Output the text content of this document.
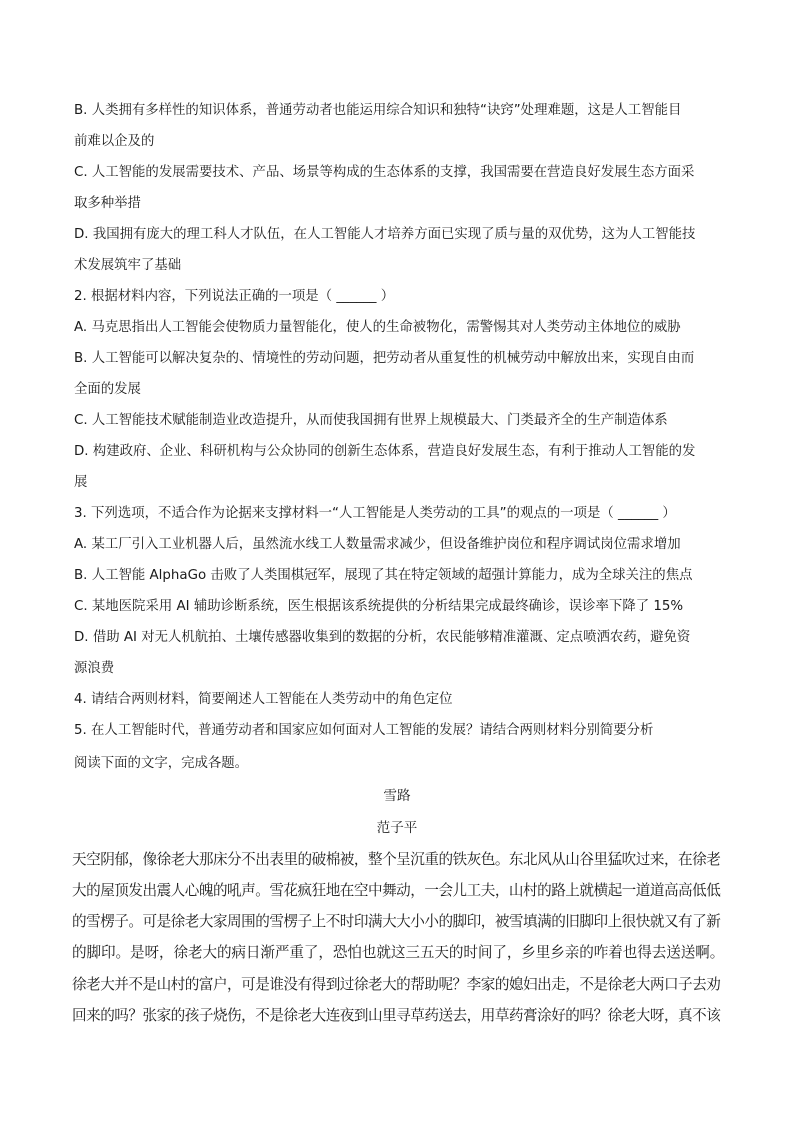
B. 人类拥有多样性的知识体系，普通劳动者也能运用综合知识和独特“诀窍”处理难题，这是人工智能目
前难以企及的
C. 人工智能的发展需要技术、产品、场景等构成的生态体系的支撑，我国需要在营造良好发展生态方面采
取多种举措
D. 我国拥有庞大的理工科人才队伍，在人工智能人才培养方面已实现了质与量的双优势，这为人工智能技
术发展筑牢了基础
2. 根据材料内容，下列说法正确的一项是（ ______ ）
A. 马克思指出人工智能会使物质力量智能化，使人的生命被物化，需警惕其对人类劳动主体地位的威胁
B. 人工智能可以解决复杂的、情境性的劳动问题，把劳动者从重复性的机械劳动中解放出来，实现自由而
全面的发展
C. 人工智能技术赋能制造业改造提升，从而使我国拥有世界上规模最大、门类最齐全的生产制造体系
D. 构建政府、企业、科研机构与公众协同的创新生态体系，营造良好发展生态，有利于推动人工智能的发
展
3. 下列选项，不适合作为论据来支撑材料一“人工智能是人类劳动的工具”的观点的一项是（ ______ ）
A. 某工厂引入工业机器人后，虽然流水线工人数量需求减少，但设备维护岗位和程序调试岗位需求增加
B. 人工智能 AlphaGo 击败了人类围棋冠军，展现了其在特定领域的超强计算能力，成为全球关注的焦点
C. 某地医院采用 AI 辅助诊断系统，医生根据该系统提供的分析结果完成最终确诊，误诊率下降了 15%
D. 借助 AI 对无人机航拍、土壤传感器收集到的数据的分析，农民能够精准灌溉、定点喷洒农药，避免资
源浪费
4. 请结合两则材料，简要阐述人工智能在人类劳动中的角色定位
5. 在人工智能时代，普通劳动者和国家应如何面对人工智能的发展？请结合两则材料分别简要分析
阅读下面的文字，完成各题。
雪路
范子平
天空阴郁，像徐老大那床分不出表里的破棉被，整个呈沉重的铁灰色。东北风从山谷里猛吹过来，在徐老
大的屋顶发出震人心魄的吼声。雪花疯狂地在空中舞动，一会儿工夫，山村的路上就横起一道道高高低低
的雪楞子。可是徐老大家周围的雪楞子上不时印满大大小小的脚印，被雪填满的旧脚印上很快就又有了新
的脚印。是呀，徐老大的病日渐严重了，恐怕也就这三五天的时间了，乡里乡亲的咋着也得去送送啊。
徐老大并不是山村的富户，可是谁没有得到过徐老大的帮助呢？李家的媳妇出走，不是徐老大两口子去劝
回来的吗？张家的孩子烧伤，不是徐老大连夜到山里寻草药送去，用草药膏涂好的吗？徐老大呀，真不该
